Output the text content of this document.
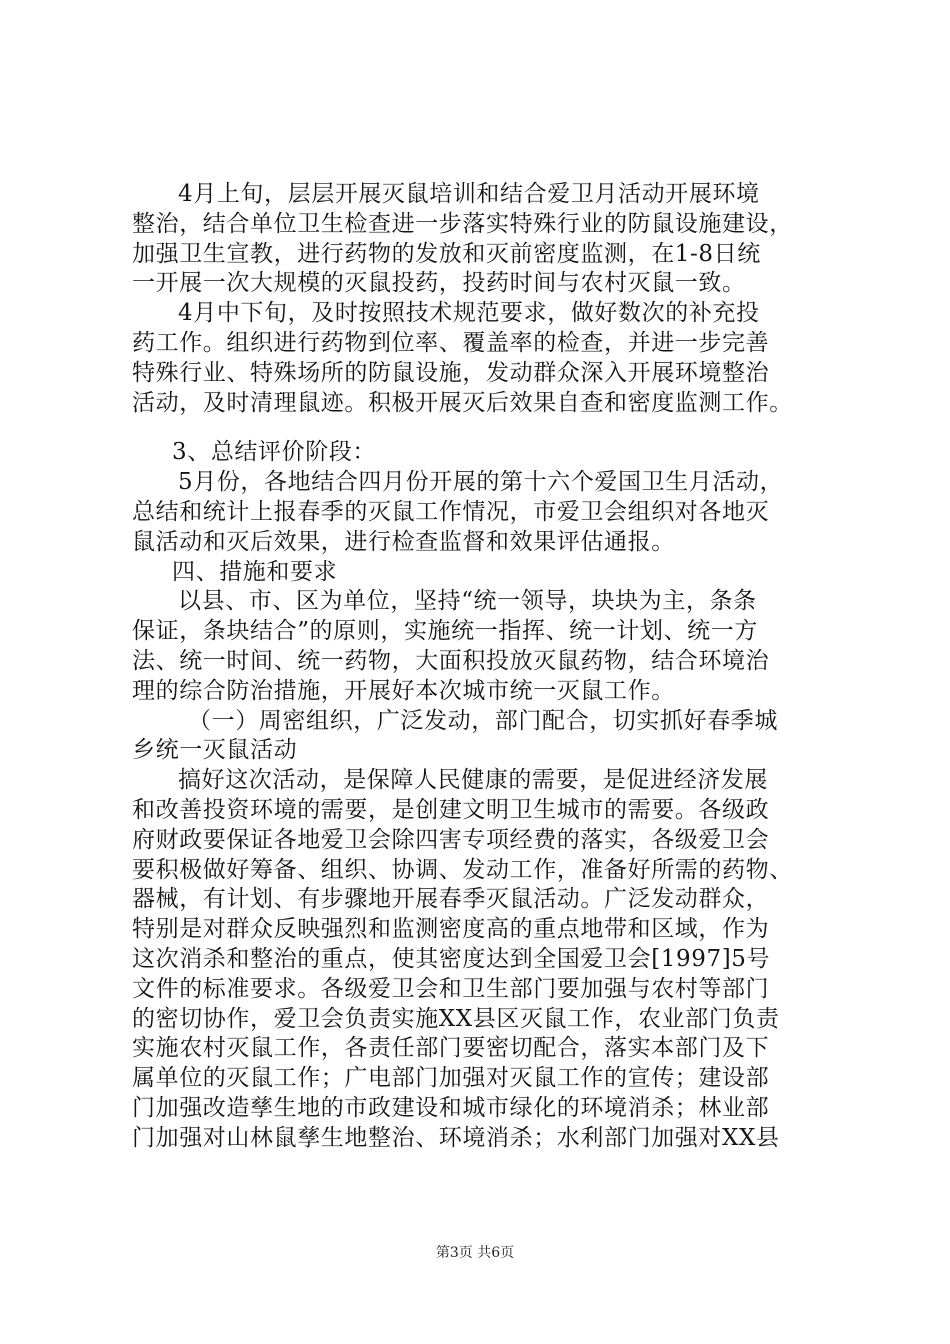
4月上旬，层层开展灭鼠培训和结合爱卫月活动开展环境
整治，结合单位卫生检查进一步落实特殊行业的防鼠设施建设，
加强卫生宣教，进行药物的发放和灭前密度监测，在1-8日统
一开展一次大规模的灭鼠投药，投药时间与农村灭鼠一致。
4月中下旬，及时按照技术规范要求，做好数次的补充投
药工作。组织进行药物到位率、覆盖率的检查，并进一步完善
特殊行业、特殊场所的防鼠设施，发动群众深入开展环境整治
活动，及时清理鼠迹。积极开展灭后效果自查和密度监测工作。
3、总结评价阶段：
5月份，各地结合四月份开展的第十六个爱国卫生月活动，
总结和统计上报春季的灭鼠工作情况，市爱卫会组织对各地灭
鼠活动和灭后效果，进行检查监督和效果评估通报。
四、措施和要求
以县、市、区为单位，坚持“统一领导，块块为主，条条
保证，条块结合”的原则，实施统一指挥、统一计划、统一方
法、统一时间、统一药物，大面积投放灭鼠药物，结合环境治
理的综合防治措施，开展好本次城市统一灭鼠工作。
（一）周密组织，广泛发动，部门配合，切实抓好春季城
乡统一灭鼠活动
搞好这次活动，是保障人民健康的需要，是促进经济发展
和改善投资环境的需要，是创建文明卫生城市的需要。各级政
府财政要保证各地爱卫会除四害专项经费的落实，各级爱卫会
要积极做好筹备、组织、协调、发动工作，准备好所需的药物、
器械，有计划、有步骤地开展春季灭鼠活动。广泛发动群众，
特别是对群众反映强烈和监测密度高的重点地带和区域，作为
这次消杀和整治的重点，使其密度达到全国爱卫会[1997]5号
文件的标准要求。各级爱卫会和卫生部门要加强与农村等部门
的密切协作，爱卫会负责实施XX县区灭鼠工作，农业部门负责
实施农村灭鼠工作，各责任部门要密切配合，落实本部门及下
属单位的灭鼠工作；广电部门加强对灭鼠工作的宣传；建设部
门加强改造孳生地的市政建设和城市绿化的环境消杀；林业部
门加强对山林鼠孳生地整治、环境消杀；水利部门加强对XX县
第3页 共6页
